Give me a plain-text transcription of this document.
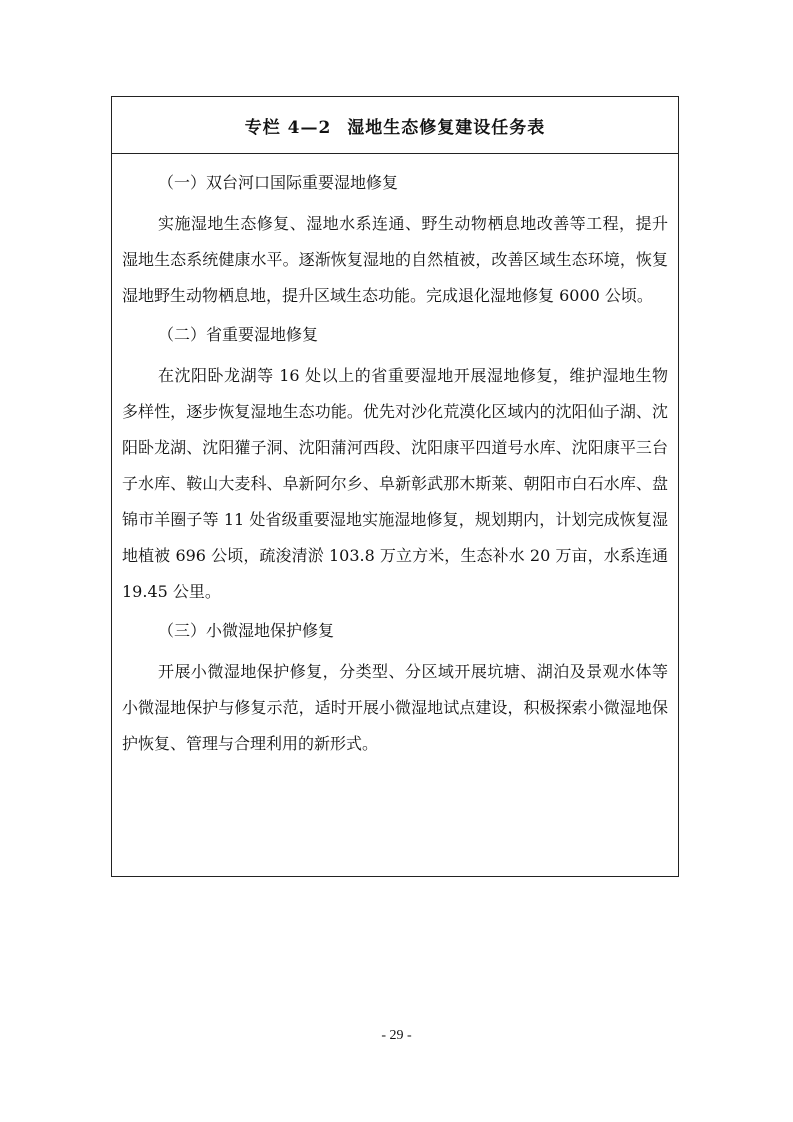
专栏 4—2 湿地生态修复建设任务表
（一）双台河口国际重要湿地修复

实施湿地生态修复、湿地水系连通、野生动物栖息地改善等工程，提升湿地生态系统健康水平。逐渐恢复湿地的自然植被，改善区域生态环境，恢复湿地野生动物栖息地，提升区域生态功能。完成退化湿地修复 6000 公顷。

（二）省重要湿地修复

在沈阳卧龙湖等 16 处以上的省重要湿地开展湿地修复，维护湿地生物多样性，逐步恢复湿地生态功能。优先对沙化荒漠化区域内的沈阳仙子湖、沈阳卧龙湖、沈阳獾子洞、沈阳蒲河西段、沈阳康平四道号水库、沈阳康平三台子水库、鞍山大麦科、阜新阿尔乡、阜新彰武那木斯莱、朝阳市白石水库、盘锦市羊圈子等 11 处省级重要湿地实施湿地修复，规划期内，计划完成恢复湿地植被 696 公顷，疏浚清淤 103.8 万立方米，生态补水 20 万亩，水系连通 19.45 公里。

（三）小微湿地保护修复

开展小微湿地保护修复，分类型、分区域开展坑塘、湖泊及景观水体等小微湿地保护与修复示范，适时开展小微湿地试点建设，积极探索小微湿地保护恢复、管理与合理利用的新形式。

- 29 -
